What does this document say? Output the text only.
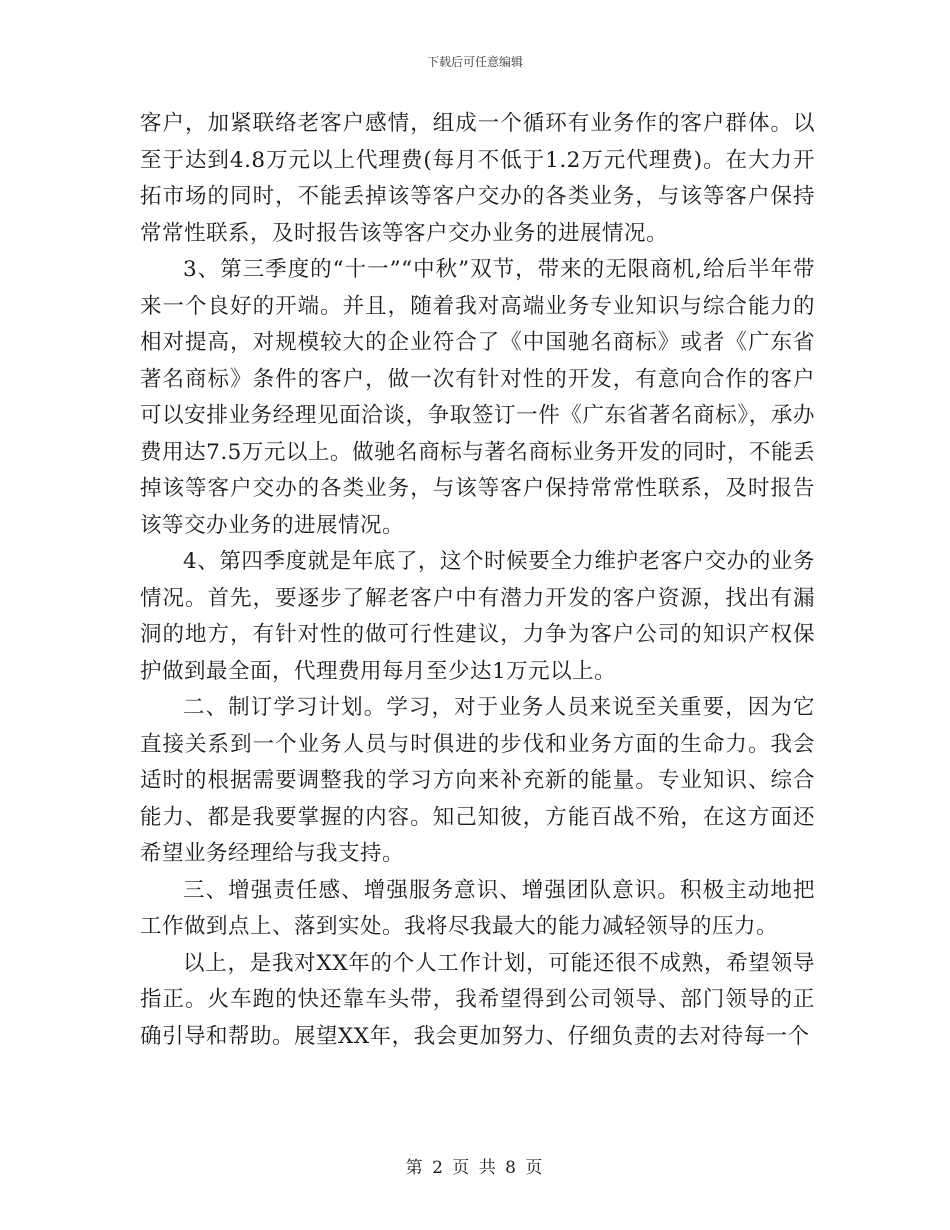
下载后可任意编辑

客户，加紧联络老客户感情，组成一个循环有业务作的客户群体。以至于达到4.8万元以上代理费(每月不低于1.2万元代理费)。在大力开拓市场的同时，不能丢掉该等客户交办的各类业务，与该等客户保持常常性联系，及时报告该等客户交办业务的进展情况。

3、第三季度的“十一”“中秋”双节，带来的无限商机,给后半年带来一个良好的开端。并且，随着我对高端业务专业知识与综合能力的相对提高，对规模较大的企业符合了《中国驰名商标》或者《广东省著名商标》条件的客户，做一次有针对性的开发，有意向合作的客户可以安排业务经理见面洽谈，争取签订一件《广东省著名商标》，承办费用达7.5万元以上。做驰名商标与著名商标业务开发的同时，不能丢掉该等客户交办的各类业务，与该等客户保持常常性联系，及时报告该等交办业务的进展情况。

4、第四季度就是年底了，这个时候要全力维护老客户交办的业务情况。首先，要逐步了解老客户中有潜力开发的客户资源，找出有漏洞的地方，有针对性的做可行性建议，力争为客户公司的知识产权保护做到最全面，代理费用每月至少达1万元以上。

二、制订学习计划。学习，对于业务人员来说至关重要，因为它直接关系到一个业务人员与时俱进的步伐和业务方面的生命力。我会适时的根据需要调整我的学习方向来补充新的能量。专业知识、综合能力、都是我要掌握的内容。知己知彼，方能百战不殆，在这方面还希望业务经理给与我支持。

三、增强责任感、增强服务意识、增强团队意识。积极主动地把工作做到点上、落到实处。我将尽我最大的能力减轻领导的压力。

以上，是我对XX年的个人工作计划，可能还很不成熟，希望领导指正。火车跑的快还靠车头带，我希望得到公司领导、部门领导的正确引导和帮助。展望XX年，我会更加努力、仔细负责的去对待每一个

第 2 页 共 8 页
